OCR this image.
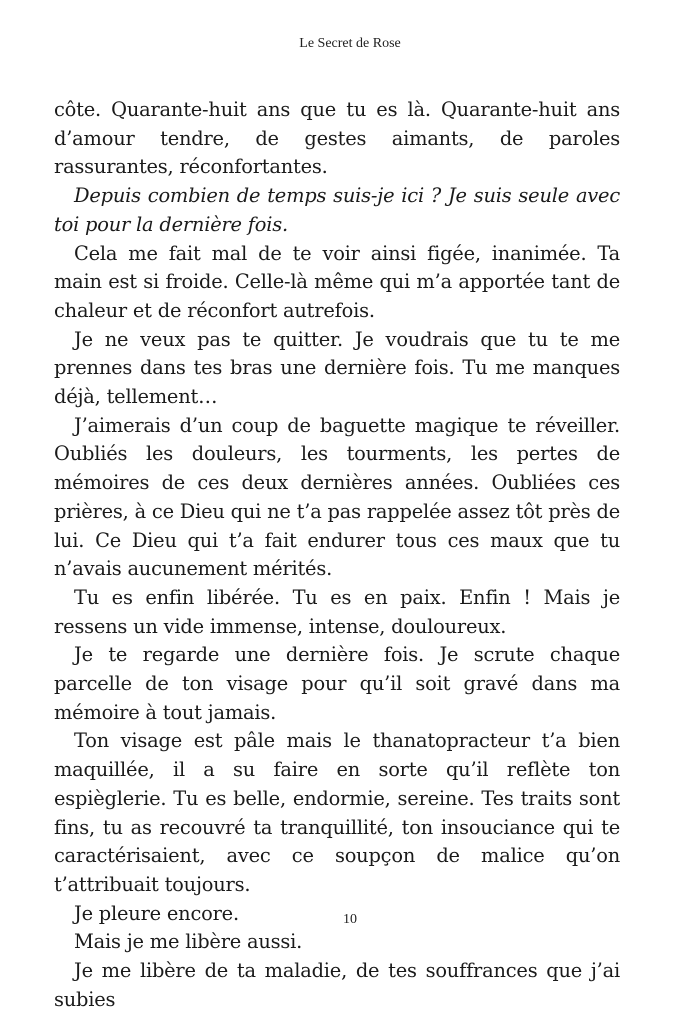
Le Secret de Rose

côte. Quarante-huit ans que tu es là. Quarante-huit ans d’amour tendre, de gestes aimants, de paroles rassurantes, réconfortantes.

Depuis combien de temps suis-je ici ? Je suis seule avec toi pour la dernière fois.

Cela me fait mal de te voir ainsi figée, inanimée. Ta main est si froide. Celle-là même qui m’a apportée tant de chaleur et de réconfort autrefois.

Je ne veux pas te quitter. Je voudrais que tu te me prennes dans tes bras une dernière fois. Tu me manques déjà, tellement…

J’aimerais d’un coup de baguette magique te réveiller. Oubliés les douleurs, les tourments, les pertes de mémoires de ces deux dernières années. Oubliées ces prières, à ce Dieu qui ne t’a pas rappelée assez tôt près de lui. Ce Dieu qui t’a fait endurer tous ces maux que tu n’avais aucunement mérités.

Tu es enfin libérée. Tu es en paix. Enfin ! Mais je ressens un vide immense, intense, douloureux.

Je te regarde une dernière fois. Je scrute chaque parcelle de ton visage pour qu’il soit gravé dans ma mémoire à tout jamais.

Ton visage est pâle mais le thanatopracteur t’a bien maquillée, il a su faire en sorte qu’il reflète ton espièglerie. Tu es belle, endormie, sereine. Tes traits sont fins, tu as recouvré ta tranquillité, ton insouciance qui te caractérisaient, avec ce soupçon de malice qu’on t’attribuait toujours.

Je pleure encore.

Mais je me libère aussi.

Je me libère de ta maladie, de tes souffrances que j’ai subies

10
